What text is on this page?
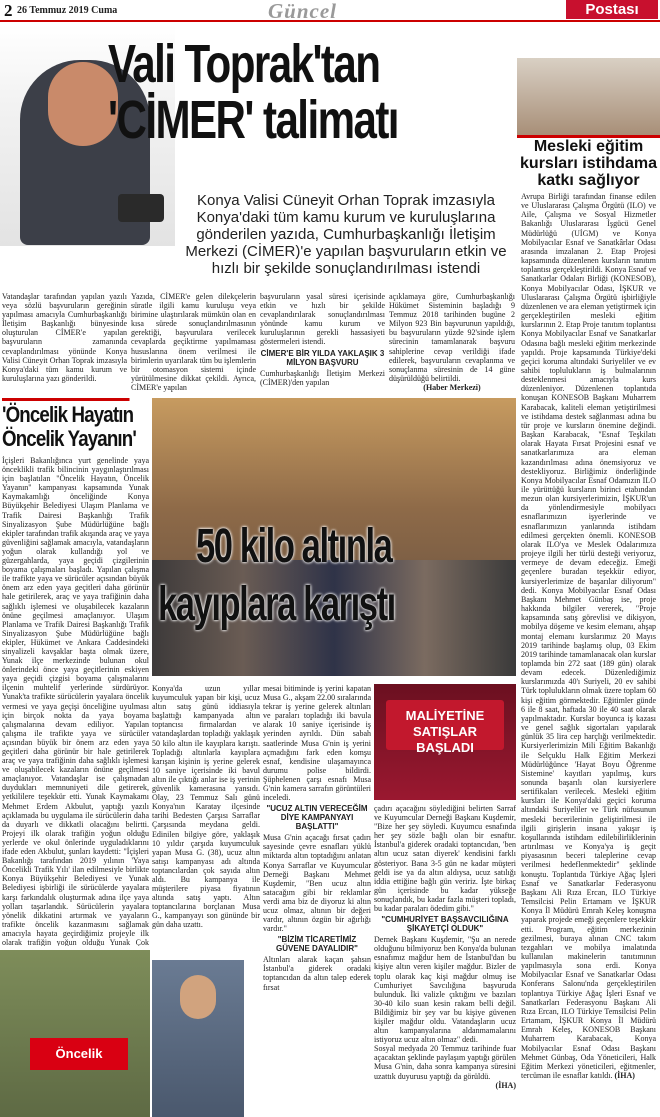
2 26 Temmuz 2019 Cuma	Güncel	Postası
Vali Toprak'tan
'CİMER' talimatı
Konya Valisi Cüneyit Orhan Toprak imzasıyla Konya'daki tüm kamu kurum ve kuruluşlarına gönderilen yazıda, Cumhurbaşkanlığı İletişim Merkezi (CİMER)'e yapılan başvuruların etkin ve hızlı bir şekilde sonuçlandırılması istendi
Vatandaşlar tarafından yapılan yazılı veya sözlü başvuruların gereğinin yapılması amacıyla Cumhurbaşkanlığı İletişim Başkanlığı bünyesinde oluşturulan CİMER'e yapılan başvuruların zamanında cevaplandırılması yönünde Konya Valisi Cüneyit Orhan Toprak imzasıyla Konya'daki tüm kamu kurum ve kuruluşlarına yazı gönderildi.
Yazıda, CİMER'e gelen dilekçelerin süratle ilgili kamu kuruluşu veya birimine ulaştırılarak mümkün olan en kısa sürede sonuçlandırılmasının gerektiği, başvurulara verilecek cevaplarda geçiktirme yapılmaması hususlarına önem verilmesi ile birimlerin uyarılarak tüm bu işlemlerin bir otomasyon sistemi içinde yürütülmesine dikkat çekildi. Ayrıca, CİMER'e yapılan
başvuruların yasal süresi içerisinde etkin ve hızlı bir şekilde cevaplandırılarak sonuçlandırılması yönünde kamu kurum ve kuruluşlarının gerekli hassasiyeti göstermeleri istendi.
CİMER'E BİR YILDA YAKLAŞIK 3 MİLYON BAŞVURU
Cumhurbaşkanlığı İletişim Merkezi (CİMER)'den yapılan
açıklamaya göre, Cumhurbaşkanlığı Hükümet Sisteminin başladığı 9 Temmuz 2018 tarihinden bugüne 2 Milyon 923 Bin başvurunun yapıldığı, bu başvuruların yüzde 92'sinde işlem sürecinin tamamlanarak başvuru sahiplerine cevap verildiği ifade edilerek, başvuruların cevaplanma ve sonuçlanma süresinin de 14 güne düşürüldüğü belirtildi.
(Haber Merkezi)
'Öncelik Hayatın
Öncelik Yayanın'
İçişleri Bakanlığınca yurt genelinde yaya önceklikli trafik bilincinin yaygınlaştırılması için başlatılan "Öncelik Hayatın, Öncelik Yayanın" kampanyası kapsamında Yunak Kaymakamlığı önceliğinde Konya Büyükşehir Belediyesi Ulaşım Planlama ve Trafik Dairesi Başkanlığı Trafik Sinyalizasyon Şube Müdürlüğüne bağlı ekipler tarafından trafik akışında araç ve yaya güvenliğini sağlamak amacıyla, vatandaşların yoğun olarak kullandığı yol ve güzergahlarda, yaya geçidi çizgilerinin boyama çalışmaları başladı. Yapılan çalışma ile trafikte yaya ve sürücüler açısından büyük önem arz eden yaya geçitleri daha görünür hale getirilerek, araç ve yaya trafiğinin daha sağlıklı işlemesi ve oluşabilecek kazaların önüne geçilmesi amaçlanıyor. Ulaşım Planlama ve Trafik Dairesi Başkanlığı Trafik Sinyalizasyon Şube Müdürlüğüne bağlı ekipler, Hükümet ve Ankara Caddesindeki sinyalizeli kavşaklar başta olmak üzere, Yunak ilçe merkezinde bulunan okul önlerindeki önce yaya geçitlerinin eskiyen yaya geçidi çizgisi boyama çalışmalarını ilçenin muhtelif yerlerinde sürdürüyor. Yunak'ta trafikte sürücülerin yayalara öncelik vermesi ve yaya geçişi önceliğine uyulması için birçok nokta da yaya boyama çalışmalarına devam ediliyor. Yapılan çalışma ile trafikte yaya ve sürücüler açısından büyük bir önem arz eden yaya geçitleri daha görünür bir hale getirilerek araç ve yaya trafiğinin daha sağlıklı işlemesi ve oluşabilecek kazaların önüne geçilmesi amaçlanıyor. Vatandaşlar ise çalışmadan duydukları memnuniyeti dile getirerek, yetkililere teşekkür etti. Yunak Kaymakamı Mehmet Erdem Akbulut, yaptığı yazılı açıklamada bu uygulama ile sürücülerin daha da duyarlı ve dikkatli olacağını belirtti. Projeyi ilk olarak trafiğin yoğun olduğu yerlerde ve okul önlerinde uyguladıklarını ifade eden Akbulut, şunları kaydetti: "İçişleri Bakanlığı tarafından 2019 yılının 'Yaya Öncelikli Trafik Yılı' ilan edilmesiyle birlikte Konya Büyükşehir Belediyesi ve Yunak Belediyesi işbirliği ile sürücülerde yayalara karşı farkındalık oluşturmak adına ilçe yaya yolları taşarlandık. Sürücülerin yayalara yönelik dikkatini artırmak ve yayaların trafikte öncelik kazanmasını sağlamak amacıyla hayata geçirdiğimiz projeyle ilk olarak trafiğin yoğun olduğu Yunak Çok
Öncelik
50 kilo altınla
kayıplara karıştı
Konya'da uzun yıllar kuyumculuk yapan bir kişi, ucuz altın satış günü iddiasıyla başlattığı kampanyada altın toptancısı firmalardan ve vatandaşlardan topladığı yaklaşık 50 kilo altın ile kayıplara karıştı. Topladığı altınlarla kayıplara karışan kişinin iş yerine gelerek 10 saniye içerisinde iki bavul altın ile çıktığı anlar ise iş yerinin güvenlik kamerasına yansıdı. Olay, 23 Temmuz Salı günü Konya'nın Karatay ilçesinde tarihi Bedesten Çarşısı Sarraflar Çarşısında meydana geldi. Edinilen bilgiye göre, yaklaşık 10 yıldır çarşıda kuyumculuk yapan Musa G. (38), ucuz altın satışı kampanyası adı altında toptancılardan çok sayıda altın aldı. Bu kampanya ile müşterilere piyasa fiyatının altında satış yaptı. Altın toptancılarına borçlanan Musa G., kampanyayı son gününde bir gün daha uzattı.
mesai bitiminde iş yerini kapatan Musa G., akşam 22.00 sıralarında tekrar iş yerine gelerek altınları ve paraları topladığı iki bavula alarak 10 saniye içerisinde iş yerinden ayrıldı. Dün sabah saatlerinde Musa G'nin iş yerini açmadığını fark eden komşu esnaf, kendisine ulaşamayınca durumu polise bildirdi. Şüphelenen çarşı esnafı Musa G'nin kamera sarrafın görüntüleri inceledi.
"UCUZ ALTIN VERECEĞİM DİYE KAMPANYAYI BAŞLATTI"
Musa G'nin açacağı fırsat çadırı sayesinde çevre esnafları yüklü miktarda altın toptadığını anlatan Konya Sarraflar ve Kuyumcular Derneği Başkanı Mehmet Kuşdemir, "Ben ucuz altın satacağım gibi bir reklamlar verdi ama biz de diyoruz ki altın ucuz olmaz, altının bir değeri vardır, altının özgün bir ağırlığı vardır."
"BİZİM TİCARETİMİZ GÜVENE DAYALIDIR"
Altınları alarak kaçan şahsın İstanbul'a giderek oradaki toptancıdan da altın talep ederek fırsat
MALİYETİNE
SATIŞLAR
BAŞLADI
çadırı açacağını söylediğini belirten Sarraf ve Kuyumcular Derneği Başkanı Kuşdemir, "Bize her şey söyledi. Kuyumcu esnafında her şey sözle bağlı olan bir esnaftır. İstanbul'a giderek oradaki toptancıdan, 'ben altın ucuz satan diyerek' kendisini farklı gösteriyor. Bana 3-5 gün ne kadar müşteri geldi ise ya da altın aldıysa, ucuz satılığı iddia ettiğine bağlı gün veririz. İşte birkaç gün içerisinde bu kadar yükseğe sonuçlandık, bu kadar fazla müşteri topladı, bu kadar paraları ödedim gibi."
"CUMHURİYET BAŞSAVCILIĞINA ŞİKAYETÇİ OLDUK"
Dernek Başkanı Kuşdemir, "Şu an nerede olduğunu bilmiyoruz ben Konya'da bulunan esnafımız mağdur hem de İstanbul'dan bu kişiye altın veren kişiler mağdur. Bizler de toplu olarak kaç kişi mağdur olmuş ise Cumhuriyet Savcılığına başvuruda bulunduk. İki valizle çıktığını ve bazıları 30-40 kilo suan kesin rakam belli değil. Bildiğimiz bir şey var bu kişiye güvenen kişiler mağdur oldu. Vatandaşların ucuz altın kampanyalarına aldanmamalarını istiyoruz ucuz altın olmaz" dedi.
Sosyal medyada 20 Temmuz tarihinde fuar açacaktan şeklinde paylaşım yaptığı görülen Musa G'nin, daha sonra kampanya süresini uzattık duyurusu yaptığı da görüldü.
(İHA)
Mesleki eğitim kursları istihdama katkı sağlıyor
Avrupa Birliği tarafından finanse edilen ve Uluslararası Çalışma Örgütü (ILO) ve Aile, Çalışma ve Sosyal Hizmetler Bakanlığı Uluslararası İşgücü Genel Müdürlüğü (UİGM) ve Konya Mobilyacılar Esnaf ve Sanatkârlar Odası arasında imzalanan 2. Etap Projesi kapsamında düzenlenen kursların tanıtım toplantısı gerçekleştirildi. Konya Esnaf ve Sanatkarlar Odaları Birliği (KONESOB), Konya Mobilyacılar Odası, İŞKUR ve Uluslararası Çalışma Örgütü işbirliğiyle düzenlenen ve ara eleman yetiştirmek için gerçekleştirilen mesleki eğitim kurslarının 2. Etap Proje tanıtım toplantısı Konya Mobilyacılar Esnaf ve Sanatkarlar Odasına bağlı mesleki eğitim merkezinde yapıldı. Proje kapsamında Türkiye'deki geçici koruma altındaki Suriyeliler ve ev sahibi toplulukların iş bulmalarının desteklenmesi amacıyla kurs düzenleniyor. Düzenlenen toplantıda konuşan KONESOB Başkanı Muharrem Karabacak, kaliteli eleman yetiştirilmesi ve istihdama destek sağlanması adına bu tür proje ve kursların önemine değindi. Başkan Karabacak, "Esnaf Teşkilatı olarak Hayata Fırsat Projesini esnaf ve sanatkarlarımıza ara eleman kazandırılması adına önemsiyoruz ve destekliyoruz. Birliğimiz önderliğinde Konya Mobilyacılar Esnaf Odamızın ILO ile yürüttüğü kursların birinci etabından mezun olan kursiyerlerimizin, İŞKUR'un da yönlendirmesiyle mobilyacı esnaflarımızın işyerlerinde ve esnaflarımızın yanlarında istihdam edilmesi gerçekten önemli. KONESOB olarak ILO'ya ve Meslek Odalarımıza projeye ilgili her türlü desteği veriyoruz, vermeye de devam edeceğiz. Emeği geçenlere buradan teşekkür ediyor, kursiyerlerimize de başarılar diliyorum" dedi. Konya Mobilyacılar Esnaf Odası Başkanı Mehmet Günbaş ise, proje hakkında bilgiler vererek, "Proje kapsamında satış görevlisi ve dikişyon, mobilya döşeme ve kesim elemanı, ahşap montaj elemanı kurslarımız 20 Mayıs 2019 tarihinde başlamış olup, 03 Ekim 2019 tarihinde tamamlanacak olan kurslar toplamda bin 272 saat (189 gün) olarak devam edecek. Düzenlediğimiz kurslarımızda 40'ı Suriyeli, 20 ev sahibi Türk toplulukların olmak üzere toplam 60 kişi eğitim görmektedir. Eğitimler günde 6 ile 8 saat, haftada 30 ile 40 saat olarak yapılmaktadır. Kurslar boyunca iş kazası ve genel sağlık sigortaları yapılarak günlük 35 lira cep harçlığı verilmektedir. Kursiyerlerimizin Mili Eğitim Bakanlığı ile Selçuklu Halk Eğitim Merkezi Müdürlüğünce 'Hayat Boyu Öğrenme Sistemine' kayıtları yapılmış, kurs sonunda başarılı olan kursiyerlere sertifikaları verilecek. Mesleki eğitim kursları ile Konya'daki geçici koruma altındaki Suriyeliler ve Türk nüfusunun mesleki becerilerinin geliştirilmesi ile ilgili girişlerin insana yakışır iş koşullarında istihdam edilebilirliklerinin artırılması ve Konya'ya iş geçit piyasasının beceri taleplerine cevap verilmesi hedeflenmektedir" şeklinde konuştu. Toplantıda Türkiye Ağaç İşleri Esnaf ve Sanatkarlar Federasyonu Başkanı Ali Rıza Ercan, ILO Türkiye Temsilcisi Pelin Ertamam ve İŞKUR Konya İl Müdürü Emrah Keleş konuşma yaparak projede emeği geçenlere teşekkür etti. Program, eğitim merkezinin gezilmesi, buraya alınan CNC takım tezgahları ve mobilya imalatında kullanılan makinelerin tanıtımının yapılmasıyla sona erdi. Konya Mobilyacılar Esnaf ve Sanatkarlar Odası Konferans Salonu'nda gerçekleştirilen toplantıya Türkiye Ağaç İşleri Esnaf ve Sanatkarları Federasyonu Başkanı Ali Rıza Ercan, ILO Türkiye Temsilcisi Pelin Ertamam, İŞKUR Konya İl Müdürü Emrah Keleş, KONESOB Başkanı Muharrem Karabacak, Konya Mobilyacılar Esnaf Odası Başkanı Mehmet Günbaş, Oda Yöneticileri, Halk Eğitim Merkezi yöneticileri, eğitmenler, tercüman ile esnaflar katıldı. (İHA)
